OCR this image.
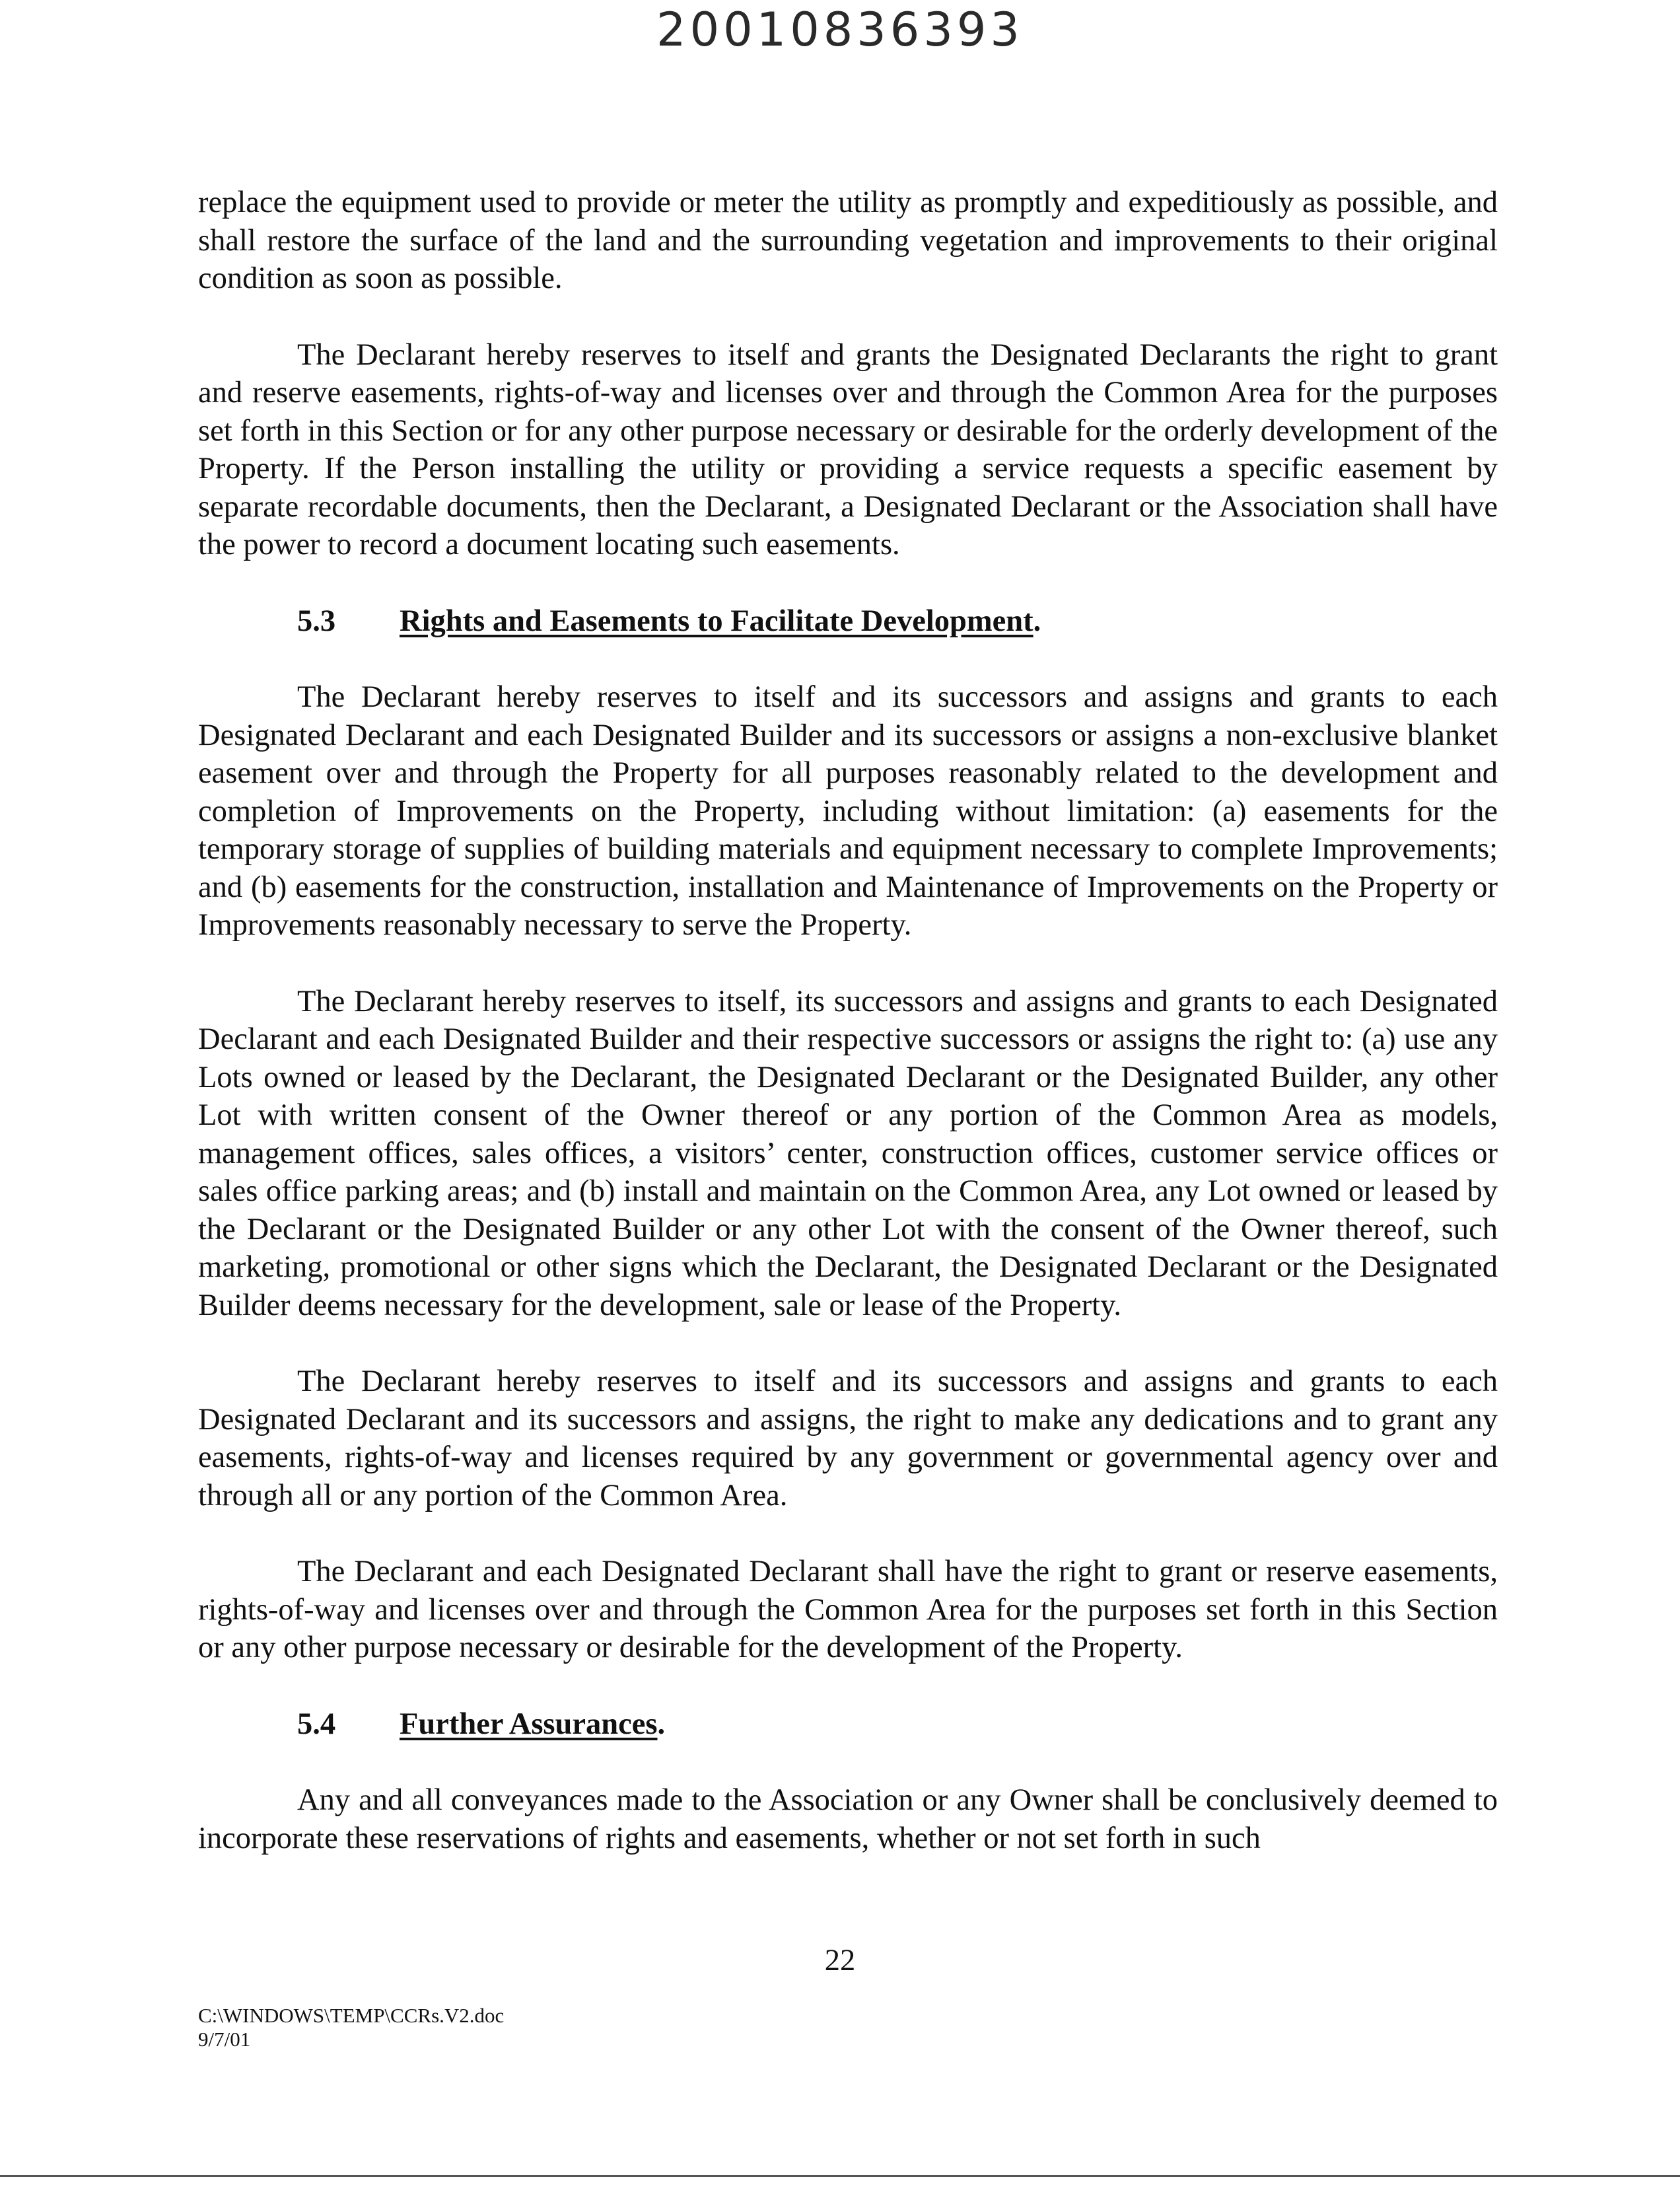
20010836393

replace the equipment used to provide or meter the utility as promptly and expeditiously as possible, and shall restore the surface of the land and the surrounding vegetation and improvements to their original condition as soon as possible.

The Declarant hereby reserves to itself and grants the Designated Declarants the right to grant and reserve easements, rights-of-way and licenses over and through the Common Area for the purposes set forth in this Section or for any other purpose necessary or desirable for the orderly development of the Property. If the Person installing the utility or providing a service requests a specific easement by separate recordable documents, then the Declarant, a Designated Declarant or the Association shall have the power to record a document locating such easements.

5.3 Rights and Easements to Facilitate Development.

The Declarant hereby reserves to itself and its successors and assigns and grants to each Designated Declarant and each Designated Builder and its successors or assigns a non-exclusive blanket easement over and through the Property for all purposes reasonably related to the development and completion of Improvements on the Property, including without limitation: (a) easements for the temporary storage of supplies of building materials and equipment necessary to complete Improvements; and (b) easements for the construction, installation and Maintenance of Improvements on the Property or Improvements reasonably necessary to serve the Property.

The Declarant hereby reserves to itself, its successors and assigns and grants to each Designated Declarant and each Designated Builder and their respective successors or assigns the right to: (a) use any Lots owned or leased by the Declarant, the Designated Declarant or the Designated Builder, any other Lot with written consent of the Owner thereof or any portion of the Common Area as models, management offices, sales offices, a visitors’ center, construction offices, customer service offices or sales office parking areas; and (b) install and maintain on the Common Area, any Lot owned or leased by the Declarant or the Designated Builder or any other Lot with the consent of the Owner thereof, such marketing, promotional or other signs which the Declarant, the Designated Declarant or the Designated Builder deems necessary for the development, sale or lease of the Property.

The Declarant hereby reserves to itself and its successors and assigns and grants to each Designated Declarant and its successors and assigns, the right to make any dedications and to grant any easements, rights-of-way and licenses required by any government or governmental agency over and through all or any portion of the Common Area.

The Declarant and each Designated Declarant shall have the right to grant or reserve easements, rights-of-way and licenses over and through the Common Area for the purposes set forth in this Section or any other purpose necessary or desirable for the development of the Property.

5.4 Further Assurances.

Any and all conveyances made to the Association or any Owner shall be conclusively deemed to incorporate these reservations of rights and easements, whether or not set forth in such

22
C:\WINDOWS\TEMP\CCRs.V2.doc
9/7/01
